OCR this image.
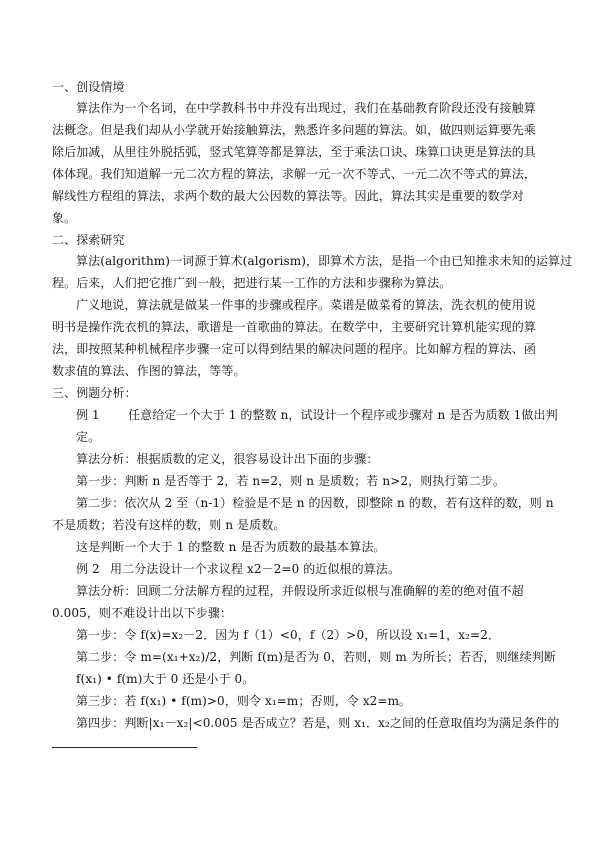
一、创设情境
算法作为一个名词，在中学教科书中并没有出现过，我们在基础教育阶段还没有接触算
法概念。但是我们却从小学就开始接触算法，熟悉许多问题的算法。如，做四则运算要先乘
除后加减，从里往外脱括弧，竖式笔算等都是算法，至于乘法口诀、珠算口诀更是算法的具
体体现。我们知道解一元二次方程的算法，求解一元一次不等式、一元二次不等式的算法，
解线性方程组的算法，求两个数的最大公因数的算法等。因此，算法其实是重要的数学对
象。
二、探索研究
算法(algorithm)一词源于算术(algorism)，即算术方法，是指一个由已知推求未知的运算过
程。后来，人们把它推广到一般，把进行某一工作的方法和步骤称为算法。
广义地说，算法就是做某一件事的步骤或程序。菜谱是做菜肴的算法，洗衣机的使用说
明书是操作洗衣机的算法，歌谱是一首歌曲的算法。在数学中，主要研究计算机能实现的算
法，即按照某种机械程序步骤一定可以得到结果的解决问题的程序。比如解方程的算法、函
数求值的算法、作图的算法，等等。
三、例题分析：
例 1 任意给定一个大于 1 的整数 n，试设计一个程序或步骤对 n 是否为质数 1做出判
定。
算法分析：根据质数的定义，很容易设计出下面的步骤：
第一步：判断 n 是否等于 2，若 n=2，则 n 是质数；若 n>2，则执行第二步。
第二步：依次从 2 至（n-1）检验是不是 n 的因数，即整除 n 的数，若有这样的数，则 n
不是质数；若没有这样的数，则 n 是质数。
这是判断一个大于 1 的整数 n 是否为质数的最基本算法。
例 2 用二分法设计一个求议程 x2－2=0 的近似根的算法。
算法分析：回顾二分法解方程的过程，并假设所求近似根与准确解的差的绝对值不超
0.005，则不难设计出以下步骤：
第一步：令 f(x)=x₂－2．因为 f（1）<0，f（2）>0，所以设 x₁=1，x₂=2．
第二步：令 m=(x₁+x₂)/2，判断 f(m)是否为 0，若则，则 m 为所长；若否，则继续判断
f(x₁) • f(m)大于 0 还是小于 0。
第三步：若 f(x₁) • f(m)>0，则令 x₁=m；否则，令 x2=m。
第四步：判断|x₁－x₂|<0.005 是否成立？若是，则 x₁．x₂之间的任意取值均为满足条件的
